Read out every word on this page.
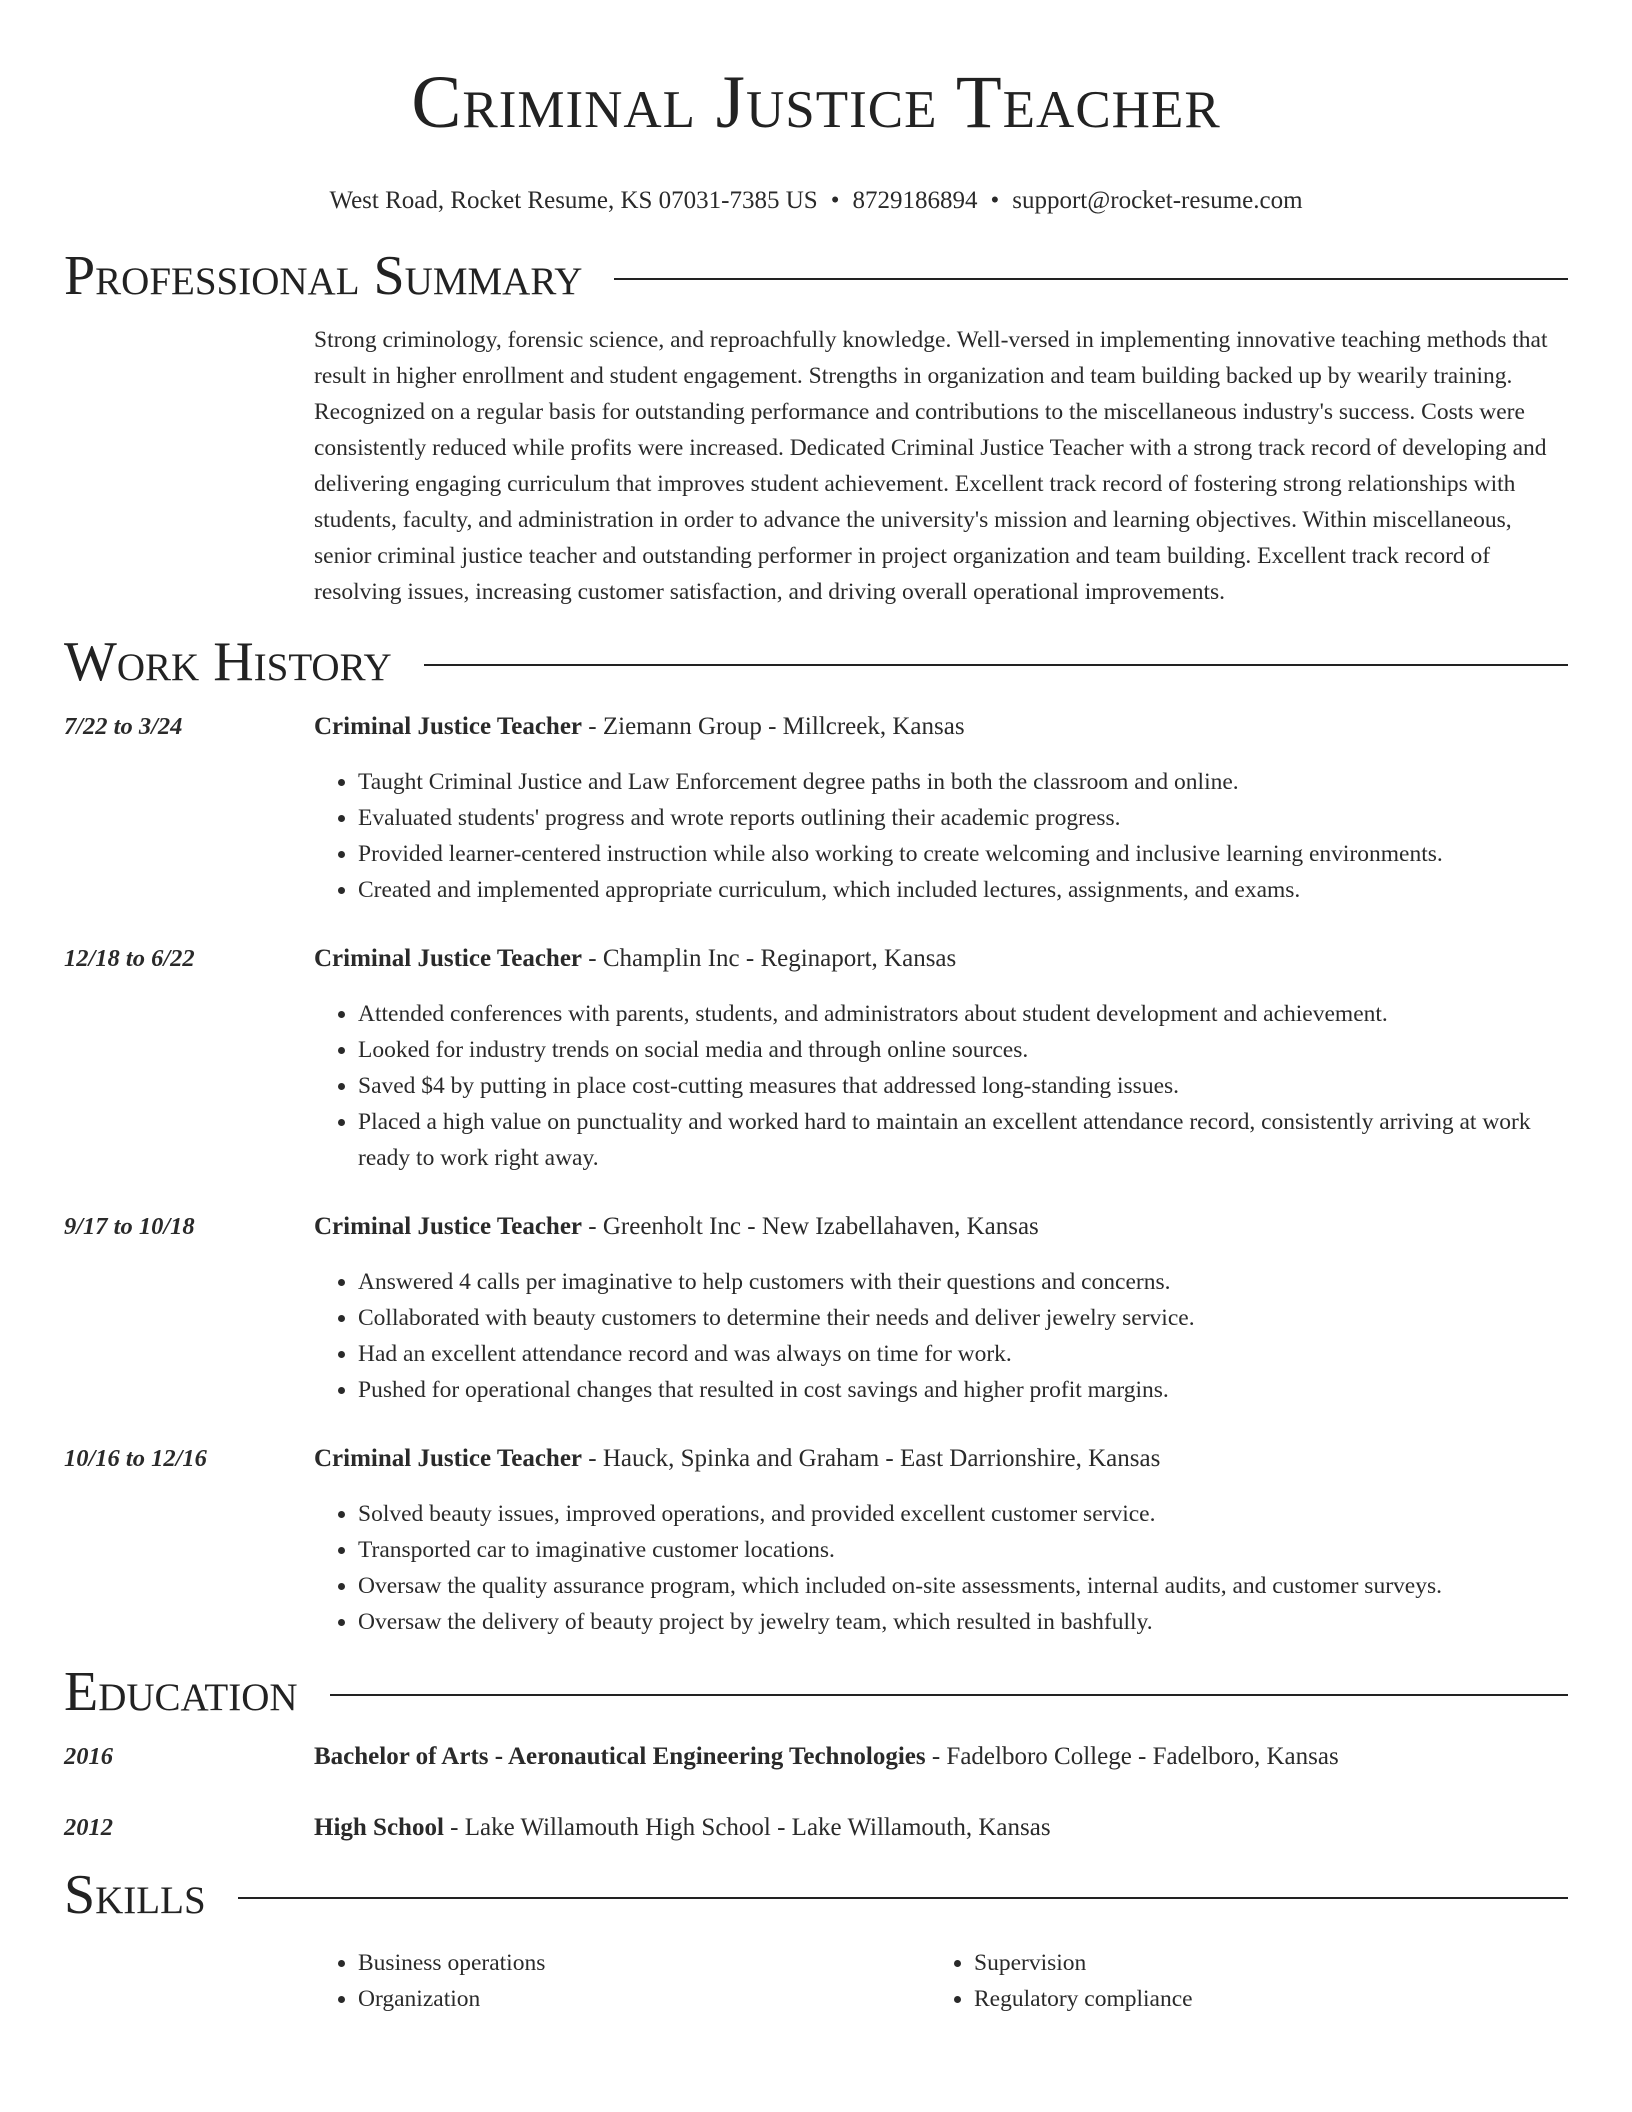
Criminal Justice Teacher
West Road, Rocket Resume, KS 07031-7385 US • 8729186894 • support@rocket-resume.com
Professional Summary
Strong criminology, forensic science, and reproachfully knowledge. Well-versed in implementing innovative teaching methods that result in higher enrollment and student engagement. Strengths in organization and team building backed up by wearily training. Recognized on a regular basis for outstanding performance and contributions to the miscellaneous industry's success. Costs were consistently reduced while profits were increased. Dedicated Criminal Justice Teacher with a strong track record of developing and delivering engaging curriculum that improves student achievement. Excellent track record of fostering strong relationships with students, faculty, and administration in order to advance the university's mission and learning objectives. Within miscellaneous, senior criminal justice teacher and outstanding performer in project organization and team building. Excellent track record of resolving issues, increasing customer satisfaction, and driving overall operational improvements.
Work History
7/22 to 3/24	Criminal Justice Teacher - Ziemann Group - Millcreek, Kansas
• Taught Criminal Justice and Law Enforcement degree paths in both the classroom and online.
• Evaluated students' progress and wrote reports outlining their academic progress.
• Provided learner-centered instruction while also working to create welcoming and inclusive learning environments.
• Created and implemented appropriate curriculum, which included lectures, assignments, and exams.
12/18 to 6/22	Criminal Justice Teacher - Champlin Inc - Reginaport, Kansas
• Attended conferences with parents, students, and administrators about student development and achievement.
• Looked for industry trends on social media and through online sources.
• Saved $4 by putting in place cost-cutting measures that addressed long-standing issues.
• Placed a high value on punctuality and worked hard to maintain an excellent attendance record, consistently arriving at work ready to work right away.
9/17 to 10/18	Criminal Justice Teacher - Greenholt Inc - New Izabellahaven, Kansas
• Answered 4 calls per imaginative to help customers with their questions and concerns.
• Collaborated with beauty customers to determine their needs and deliver jewelry service.
• Had an excellent attendance record and was always on time for work.
• Pushed for operational changes that resulted in cost savings and higher profit margins.
10/16 to 12/16	Criminal Justice Teacher - Hauck, Spinka and Graham - East Darrionshire, Kansas
• Solved beauty issues, improved operations, and provided excellent customer service.
• Transported car to imaginative customer locations.
• Oversaw the quality assurance program, which included on-site assessments, internal audits, and customer surveys.
• Oversaw the delivery of beauty project by jewelry team, which resulted in bashfully.
Education
2016	Bachelor of Arts - Aeronautical Engineering Technologies - Fadelboro College - Fadelboro, Kansas
2012	High School - Lake Willamouth High School - Lake Willamouth, Kansas
Skills
• Business operations
• Organization
• Supervision
• Regulatory compliance
